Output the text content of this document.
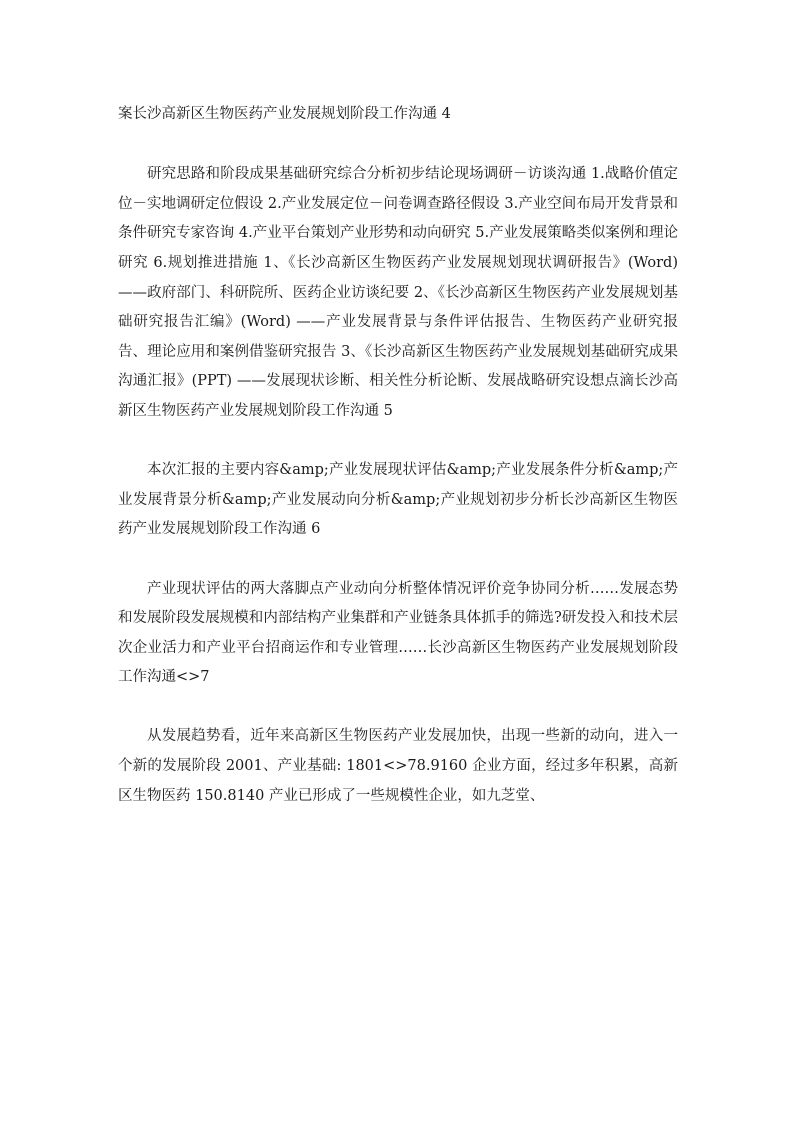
案长沙高新区生物医药产业发展规划阶段工作沟通 4

研究思路和阶段成果基础研究综合分析初步结论现场调研－访谈沟通 1.战略价值定位－实地调研定位假设 2.产业发展定位－问卷调查路径假设 3.产业空间布局开发背景和条件研究专家咨询 4.产业平台策划产业形势和动向研究 5.产业发展策略类似案例和理论研究 6.规划推进措施 1、《长沙高新区生物医药产业发展规划现状调研报告》(Word) ——政府部门、科研院所、医药企业访谈纪要 2、《长沙高新区生物医药产业发展规划基础研究报告汇编》(Word) ——产业发展背景与条件评估报告、生物医药产业研究报告、理论应用和案例借鉴研究报告 3、《长沙高新区生物医药产业发展规划基础研究成果沟通汇报》(PPT) ——发展现状诊断、相关性分析论断、发展战略研究设想点滴长沙高新区生物医药产业发展规划阶段工作沟通 5

本次汇报的主要内容&amp;产业发展现状评估&amp;产业发展条件分析&amp;产业发展背景分析&amp;产业发展动向分析&amp;产业规划初步分析长沙高新区生物医药产业发展规划阶段工作沟通 6

产业现状评估的两大落脚点产业动向分析整体情况评价竞争协同分析……发展态势和发展阶段发展规模和内部结构产业集群和产业链条具体抓手的筛选?研发投入和技术层次企业活力和产业平台招商运作和专业管理……长沙高新区生物医药产业发展规划阶段工作沟通<>7

从发展趋势看，近年来高新区生物医药产业发展加快，出现一些新的动向，进入一个新的发展阶段 2001、产业基础: 1801<>78.9160 企业方面，经过多年积累，高新区生物医药 150.8140 产业已形成了一些规模性企业，如九芝堂、
